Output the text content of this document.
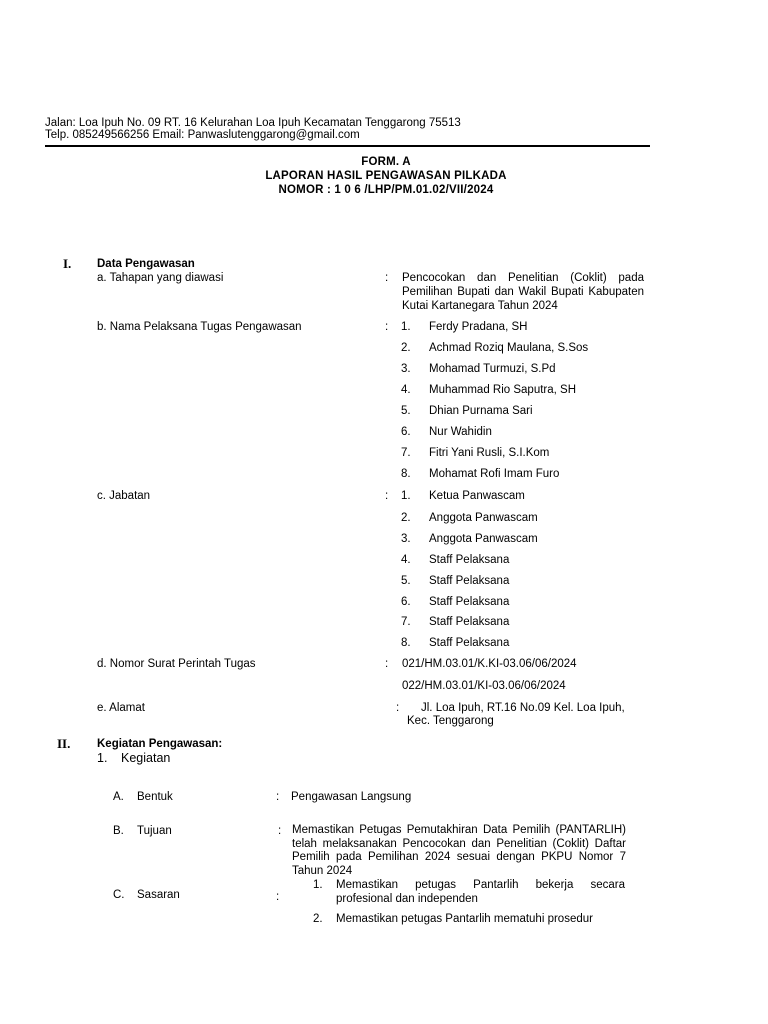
Jalan: Loa Ipuh No. 09 RT. 16 Kelurahan Loa Ipuh Kecamatan Tenggarong 75513
Telp. 085249566256 Email: Panwaslutenggarong@gmail.com
FORM. A
LAPORAN HASIL PENGAWASAN PILKADA
NOMOR : 1 0 6 /LHP/PM.01.02/VII/2024
I. Data Pengawasan
a. Tahapan yang diawasi	: Pencocokan dan Penelitian (Coklit) pada Pemilihan Bupati dan Wakil Bupati Kabupaten Kutai Kartanegara Tahun 2024
b. Nama Pelaksana Tugas Pengawasan	: 1. Ferdy Pradana, SH
2. Achmad Roziq Maulana, S.Sos
3. Mohamad Turmuzi, S.Pd
4. Muhammad Rio Saputra, SH
5. Dhian Purnama Sari
6. Nur Wahidin
7. Fitri Yani Rusli, S.I.Kom
8. Mohamat Rofi Imam Furo
c. Jabatan	: 1. Ketua Panwascam
2. Anggota Panwascam
3. Anggota Panwascam
4. Staff Pelaksana
5. Staff Pelaksana
6. Staff Pelaksana
7. Staff Pelaksana
8. Staff Pelaksana
d. Nomor Surat Perintah Tugas	: 021/HM.03.01/K.KI-03.06/06/2024
022/HM.03.01/KI-03.06/06/2024
e. Alamat	: Jl. Loa Ipuh, RT.16 No.09 Kel. Loa Ipuh,
Kec. Tenggarong
II. Kegiatan Pengawasan:
1. Kegiatan
A. Bentuk	: Pengawasan Langsung
B. Tujuan	: Memastikan Petugas Pemutakhiran Data Pemilih (PANTARLIH) telah melaksanakan Pencocokan dan Penelitian (Coklit) Daftar Pemilih pada Pemilihan 2024 sesuai dengan PKPU Nomor 7 Tahun 2024
C. Sasaran	:
1. Memastikan petugas Pantarlih bekerja secara profesional dan independen
2. Memastikan petugas Pantarlih mematuhi prosedur
